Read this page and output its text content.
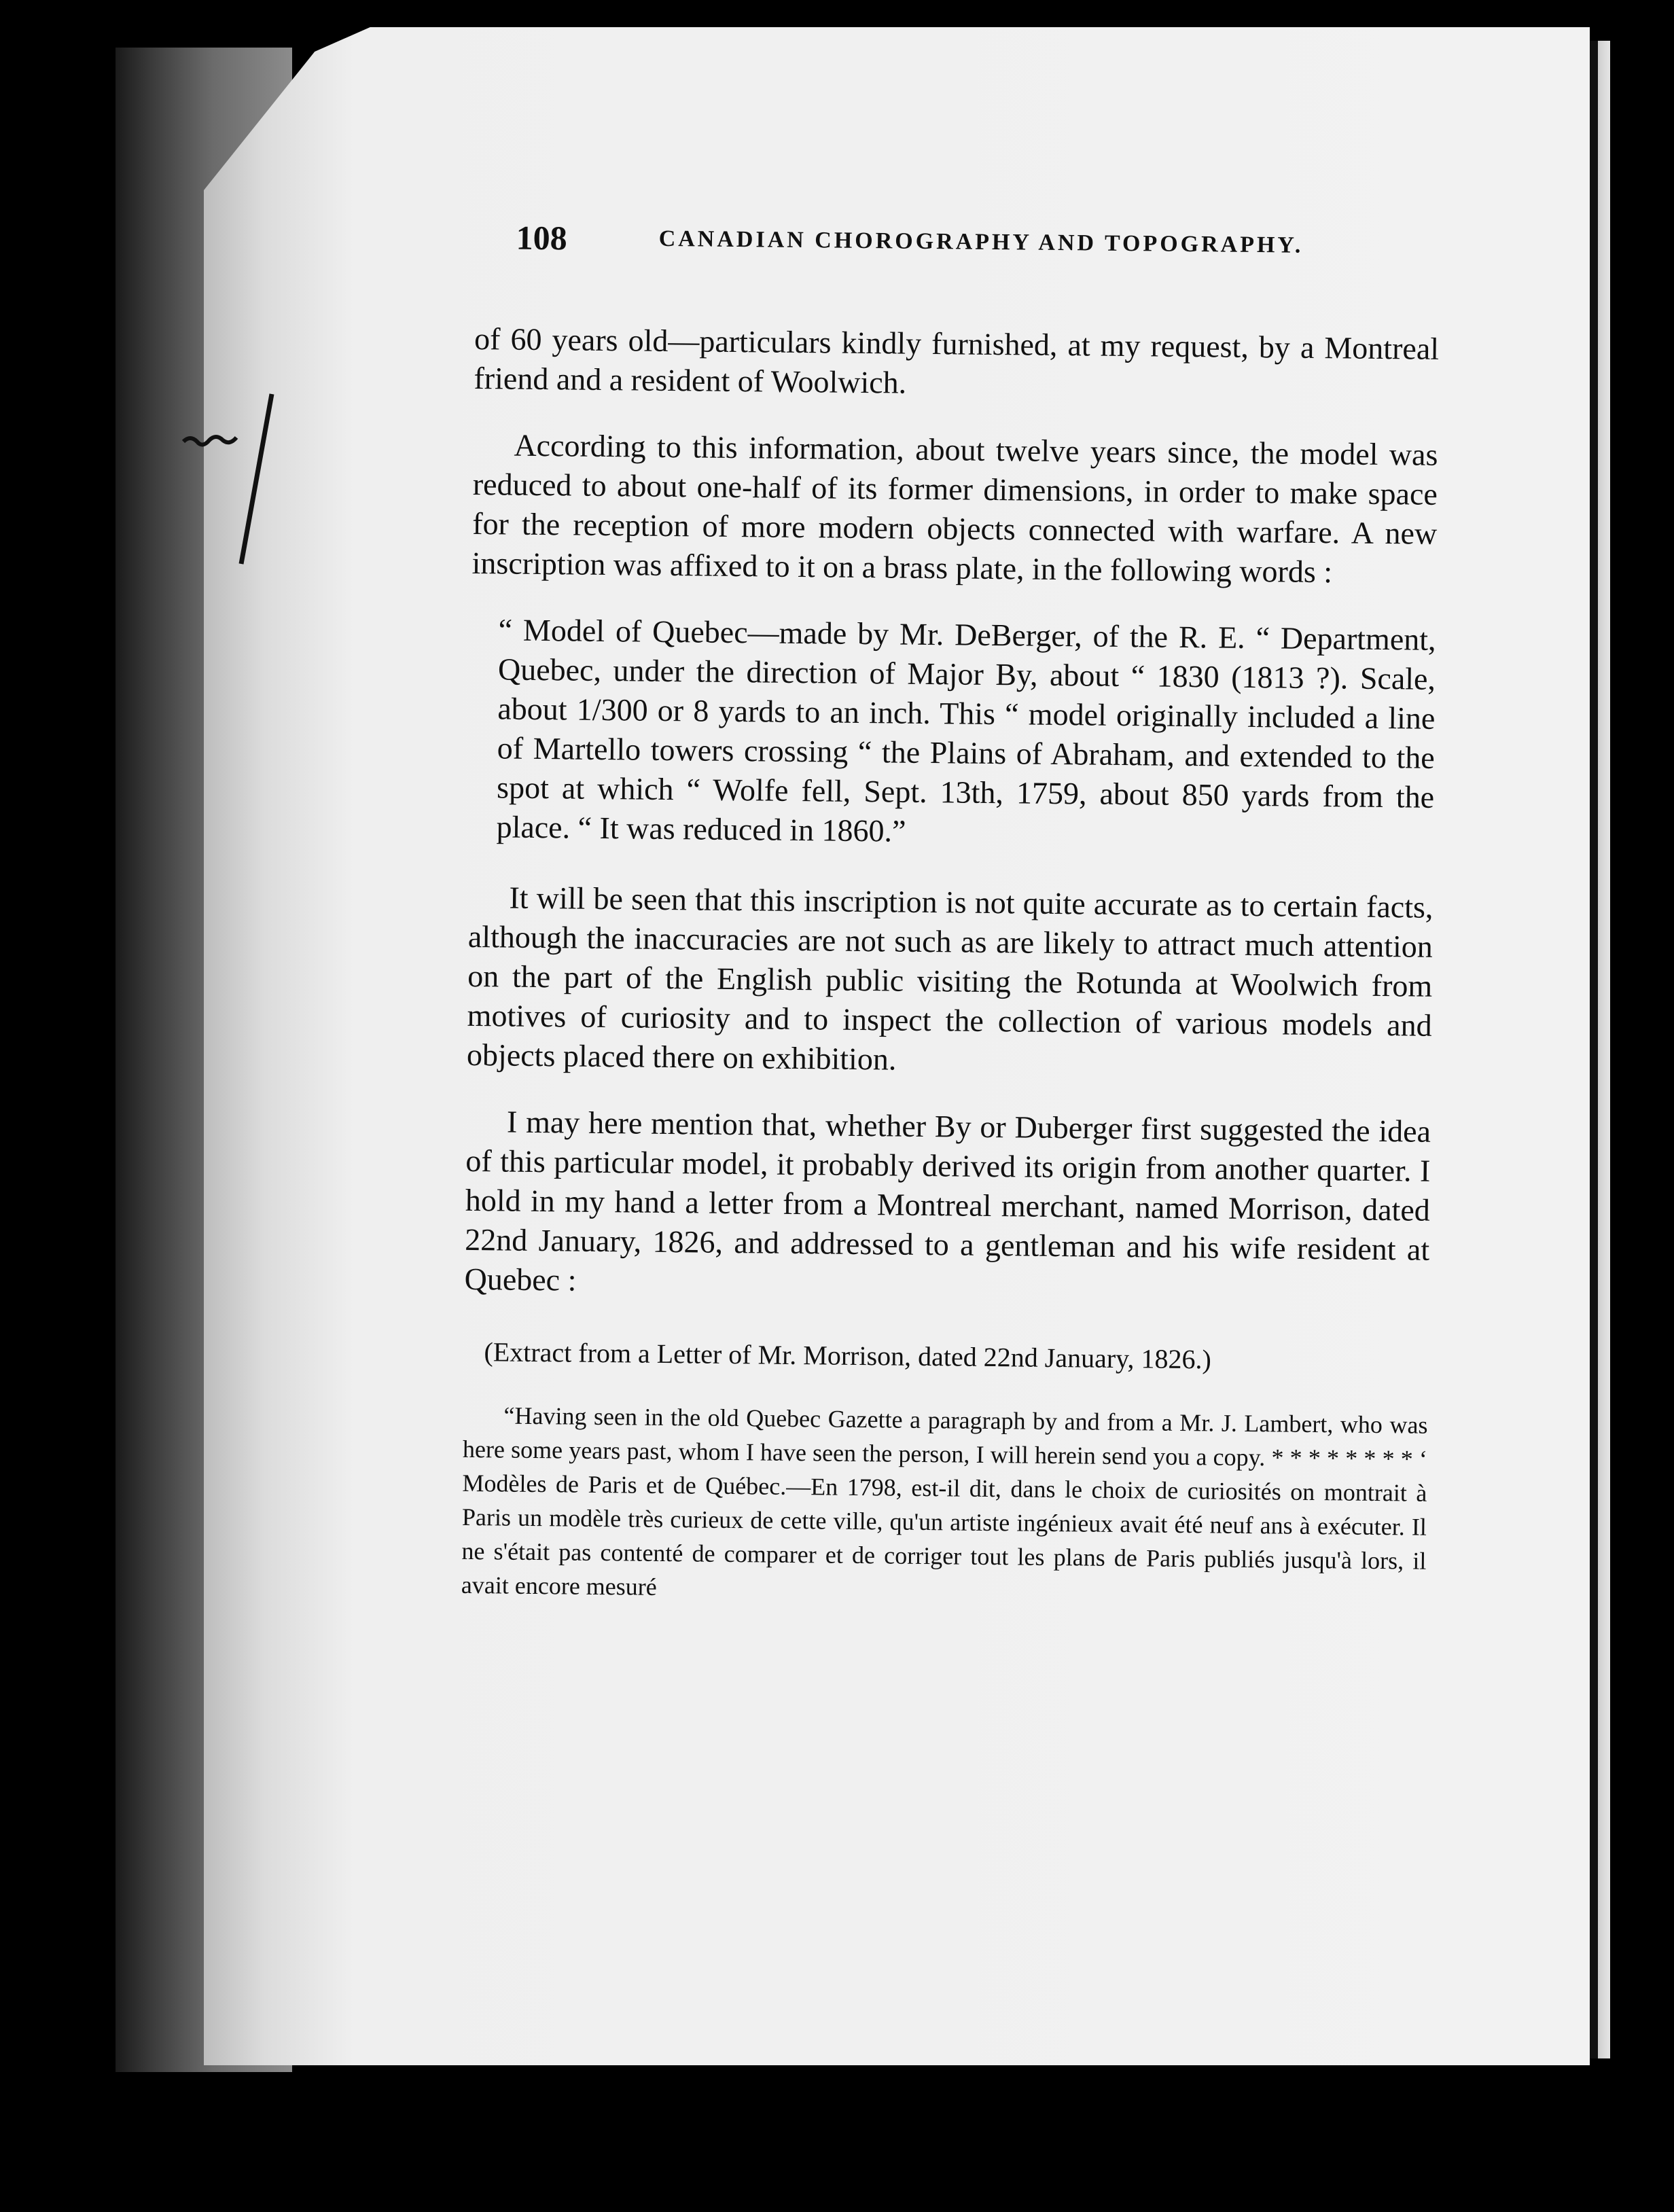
108	CANADIAN CHOROGRAPHY AND TOPOGRAPHY.

of 60 years old—particulars kindly furnished, at my request, by a Montreal friend and a resident of Woolwich.

According to this information, about twelve years since, the model was reduced to about one-half of its former dimensions, in order to make space for the reception of more modern objects connected with warfare. A new inscription was affixed to it on a brass plate, in the following words :

“ Model of Quebec—made by Mr. DeBerger, of the R. E. “ Department, Quebec, under the direction of Major By, about “ 1830 (1813 ?). Scale, about 1/300 or 8 yards to an inch. This “ model originally included a line of Martello towers crossing “ the Plains of Abraham, and extended to the spot at which “ Wolfe fell, Sept. 13th, 1759, about 850 yards from the place. “ It was reduced in 1860.”

It will be seen that this inscription is not quite accurate as to certain facts, although the inaccuracies are not such as are likely to attract much attention on the part of the English public visiting the Rotunda at Woolwich from motives of curiosity and to inspect the collection of various models and objects placed there on exhibition.

I may here mention that, whether By or Duberger first suggested the idea of this particular model, it probably derived its origin from another quarter. I hold in my hand a letter from a Montreal merchant, named Morrison, dated 22nd January, 1826, and addressed to a gentleman and his wife resident at Quebec :

(Extract from a Letter of Mr. Morrison, dated 22nd January, 1826.)

“Having seen in the old Quebec Gazette a paragraph by and from a Mr. J. Lambert, who was here some years past, whom I have seen the person, I will herein send you a copy. * * * * * * * * ‘ Modèles de Paris et de Québec.—En 1798, est-il dit, dans le choix de curiosités on montrait à Paris un modèle très curieux de cette ville, qu'un artiste ingénieux avait été neuf ans à exécuter. Il ne s'était pas contenté de comparer et de corriger tout les plans de Paris publiés jusqu'à lors, il avait encore mesuré
